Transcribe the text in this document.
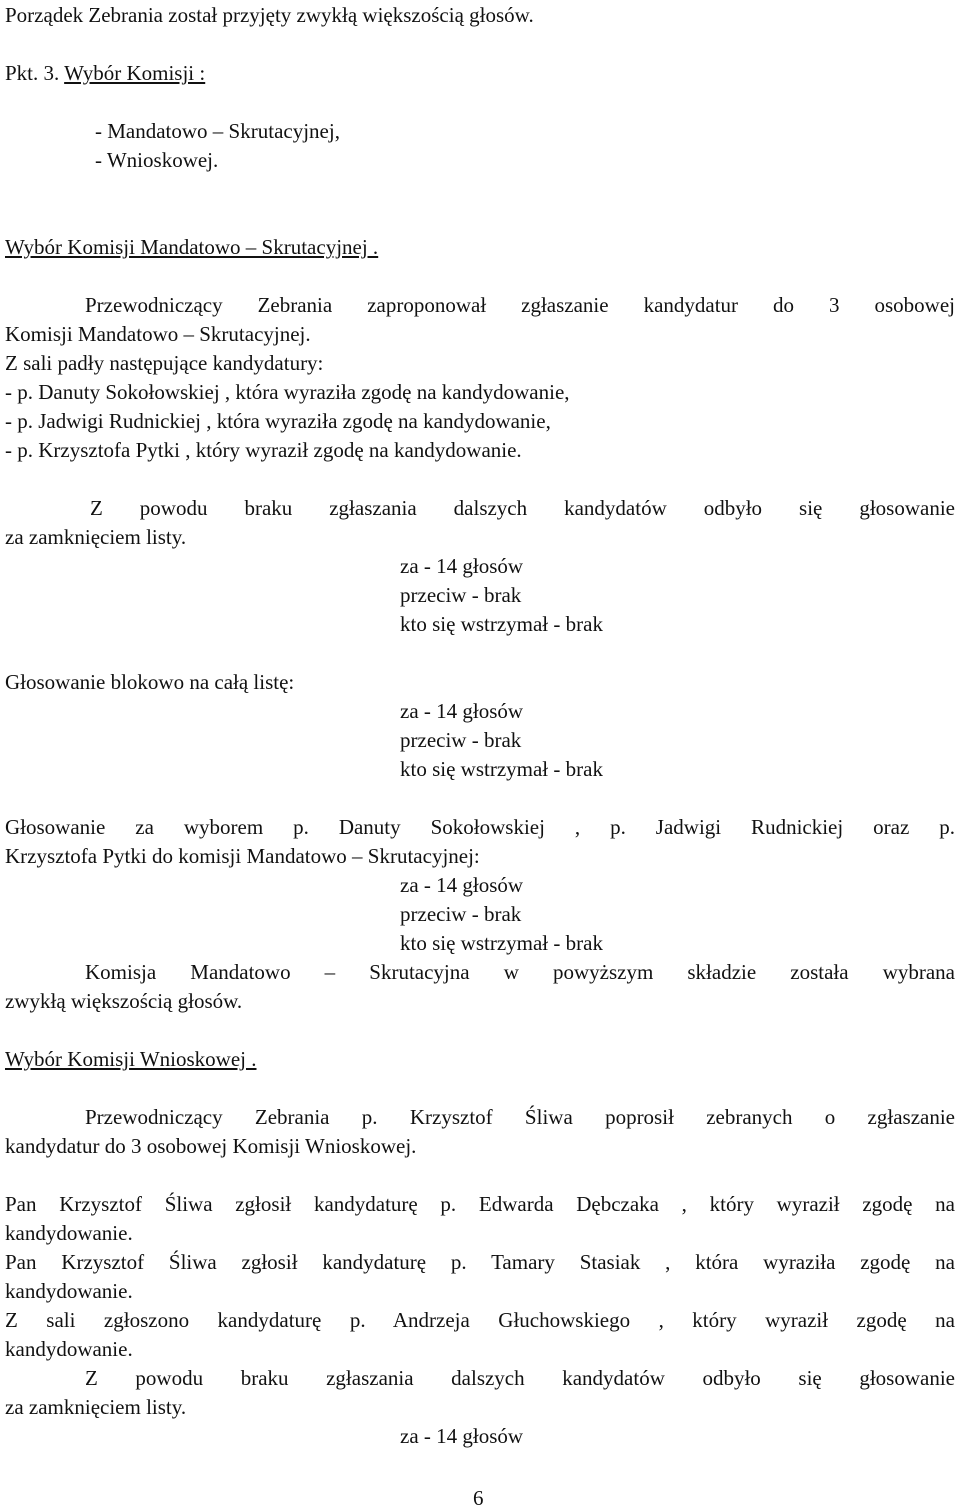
Porządek Zebrania został przyjęty zwykłą większością głosów.
Pkt. 3. Wybór Komisji :
- Mandatowo – Skrutacyjnej,
- Wnioskowej.
Wybór Komisji Mandatowo – Skrutacyjnej .
Przewodniczący Zebrania zaproponował zgłaszanie kandydatur do 3 osobowej
Komisji Mandatowo – Skrutacyjnej.
Z sali padły następujące kandydatury:
- p. Danuty Sokołowskiej , która wyraziła zgodę na kandydowanie,
- p. Jadwigi Rudnickiej , która wyraziła zgodę na kandydowanie,
- p. Krzysztofa Pytki , który wyraził zgodę na kandydowanie.
Z powodu braku zgłaszania dalszych kandydatów odbyło się głosowanie
za zamknięciem listy.
za - 14 głosów
przeciw - brak
kto się wstrzymał - brak
Głosowanie blokowo na całą listę:
za - 14 głosów
przeciw - brak
kto się wstrzymał - brak
Głosowanie za wyborem p. Danuty Sokołowskiej , p. Jadwigi Rudnickiej oraz p.
Krzysztofa Pytki do komisji Mandatowo – Skrutacyjnej:
za - 14 głosów
przeciw - brak
kto się wstrzymał - brak
Komisja Mandatowo – Skrutacyjna w powyższym składzie została wybrana
zwykłą większością głosów.
Wybór Komisji Wnioskowej .
Przewodniczący Zebrania p. Krzysztof Śliwa poprosił zebranych o zgłaszanie
kandydatur do 3 osobowej Komisji Wnioskowej.
Pan Krzysztof Śliwa zgłosił kandydaturę p. Edwarda Dębczaka , który wyraził zgodę na
kandydowanie.
Pan Krzysztof Śliwa zgłosił kandydaturę p. Tamary Stasiak , która wyraziła zgodę na
kandydowanie.
Z sali zgłoszono kandydaturę p. Andrzeja Głuchowskiego , który wyraził zgodę na
kandydowanie.
Z powodu braku zgłaszania dalszych kandydatów odbyło się głosowanie
za zamknięciem listy.
za - 14 głosów
6
